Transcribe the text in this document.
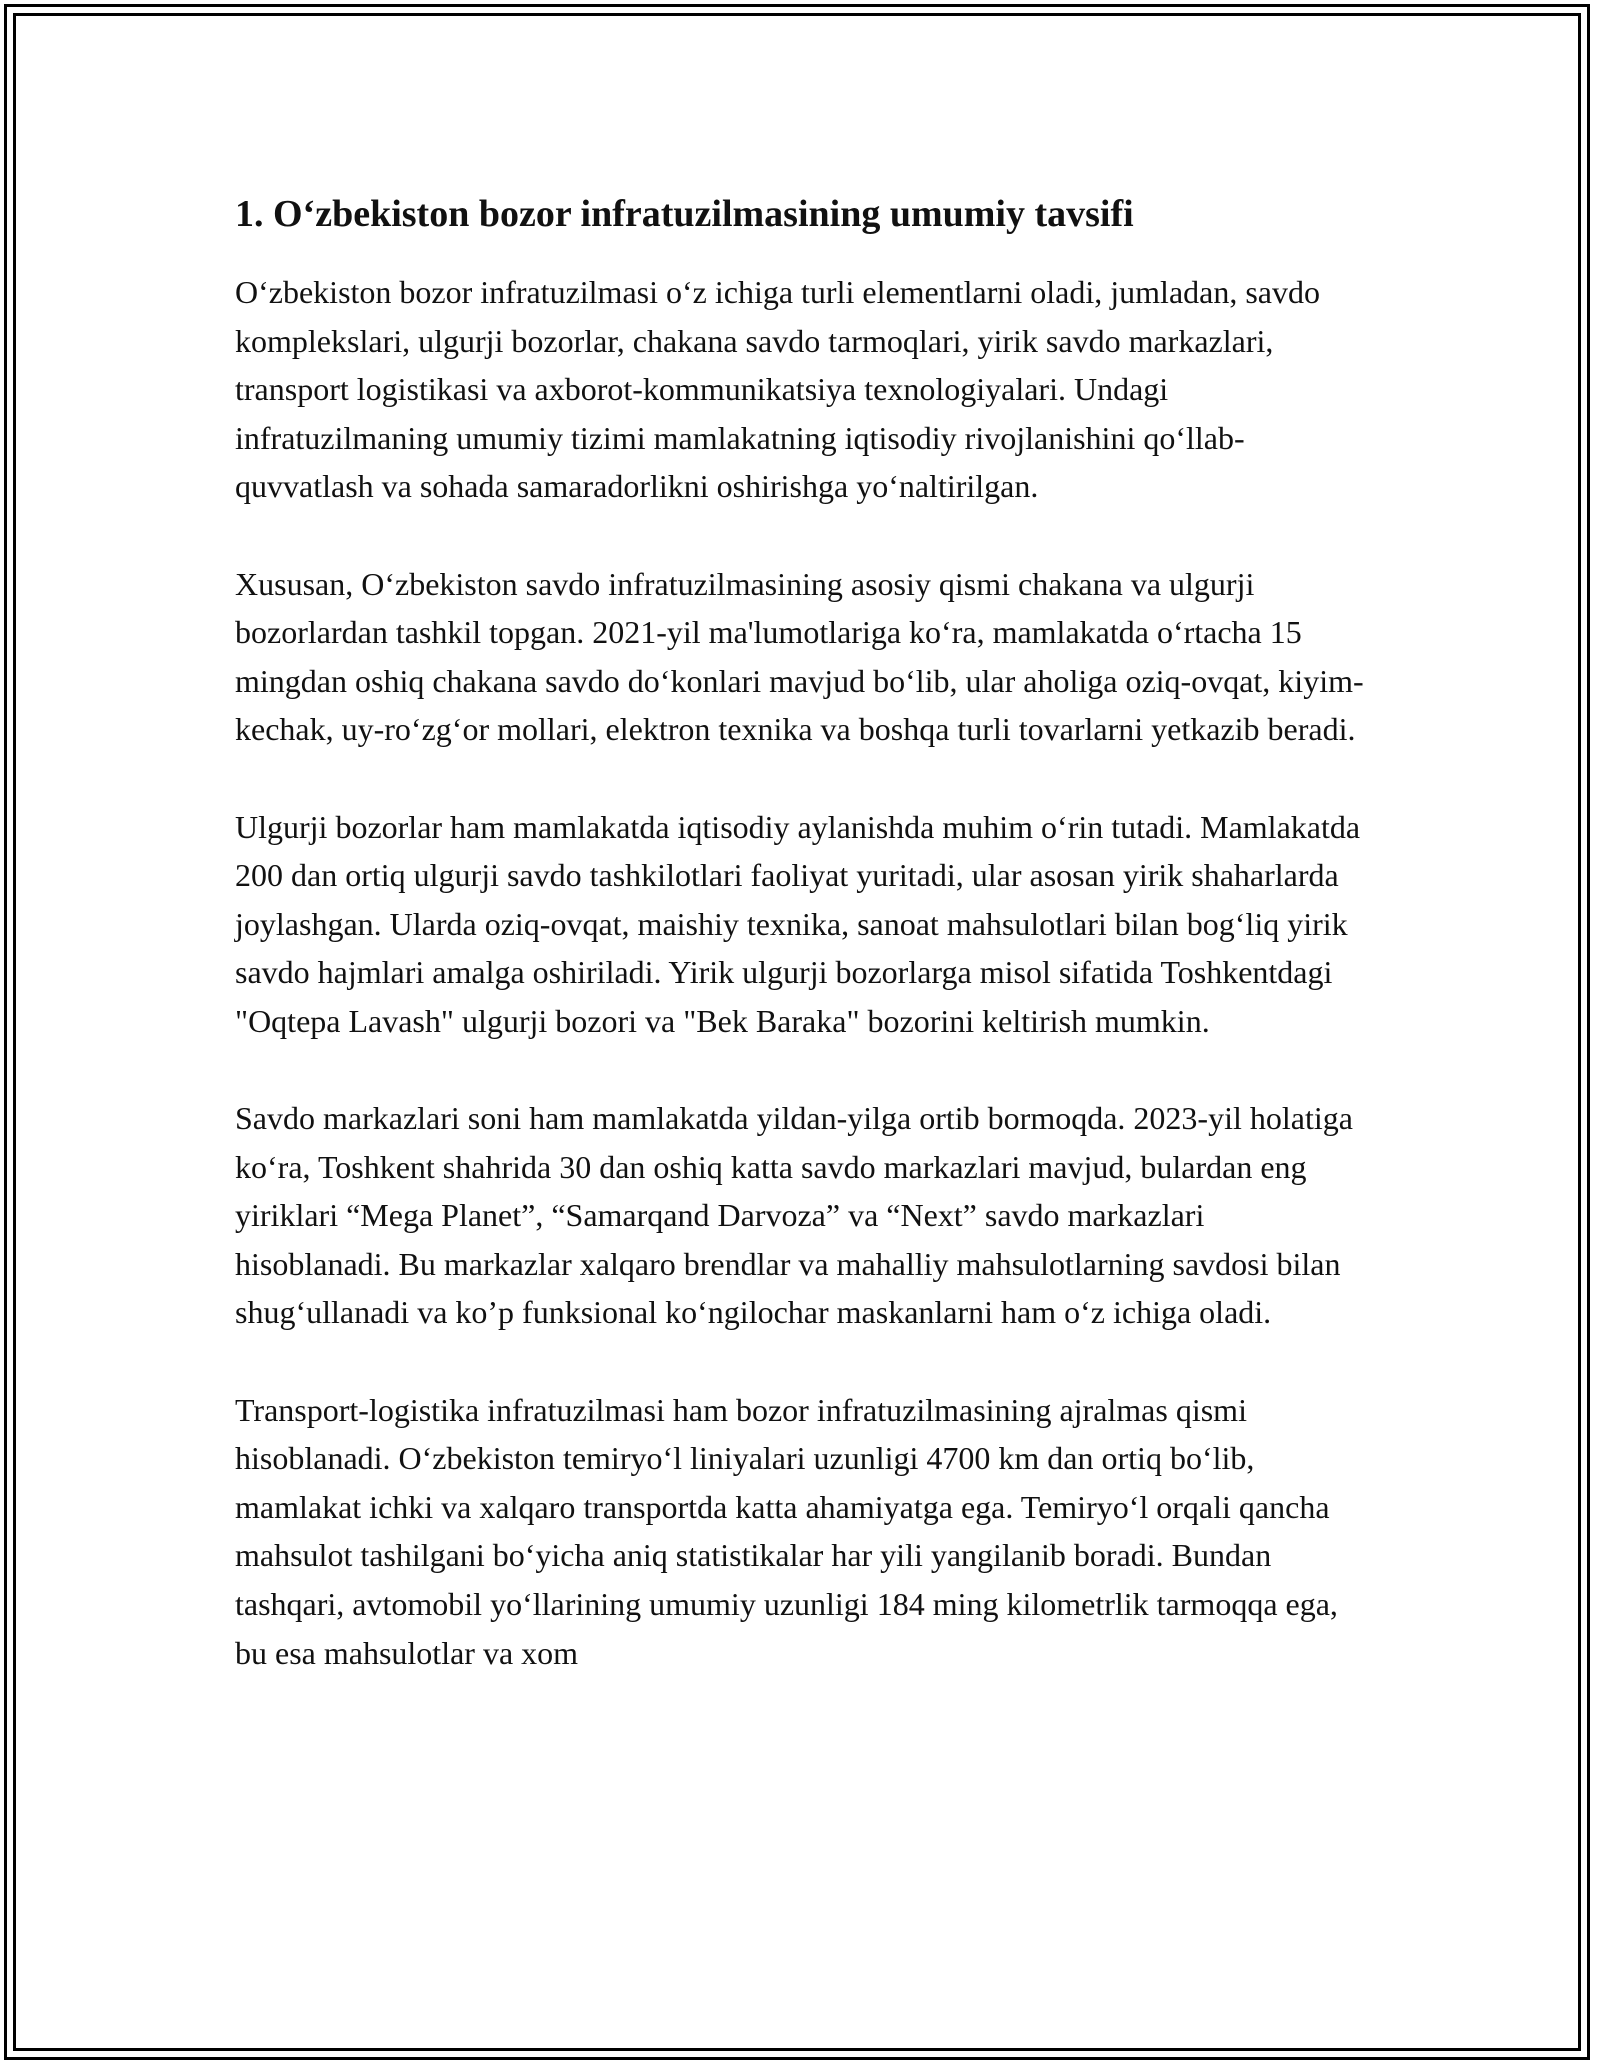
1. O‘zbekiston bozor infratuzilmasining umumiy tavsifi

O‘zbekiston bozor infratuzilmasi o‘z ichiga turli elementlarni oladi, jumladan, savdo komplekslari, ulgurji bozorlar, chakana savdo tarmoqlari, yirik savdo markazlari, transport logistikasi va axborot-kommunikatsiya texnologiyalari. Undagi infratuzilmaning umumiy tizimi mamlakatning iqtisodiy rivojlanishini qo‘llab-quvvatlash va sohada samaradorlikni oshirishga yo‘naltirilgan.

Xususan, O‘zbekiston savdo infratuzilmasining asosiy qismi chakana va ulgurji bozorlardan tashkil topgan. 2021-yil ma'lumotlariga ko‘ra, mamlakatda o‘rtacha 15 mingdan oshiq chakana savdo do‘konlari mavjud bo‘lib, ular aholiga oziq-ovqat, kiyim-kechak, uy-ro‘zg‘or mollari, elektron texnika va boshqa turli tovarlarni yetkazib beradi.

Ulgurji bozorlar ham mamlakatda iqtisodiy aylanishda muhim o‘rin tutadi. Mamlakatda 200 dan ortiq ulgurji savdo tashkilotlari faoliyat yuritadi, ular asosan yirik shaharlarda joylashgan. Ularda oziq-ovqat, maishiy texnika, sanoat mahsulotlari bilan bog‘liq yirik savdo hajmlari amalga oshiriladi. Yirik ulgurji bozorlarga misol sifatida Toshkentdagi "Oqtepa Lavash" ulgurji bozori va "Bek Baraka" bozorini keltirish mumkin.

Savdo markazlari soni ham mamlakatda yildan-yilga ortib bormoqda. 2023-yil holatiga ko‘ra, Toshkent shahrida 30 dan oshiq katta savdo markazlari mavjud, bulardan eng yiriklari “Mega Planet”, “Samarqand Darvoza” va “Next” savdo markazlari hisoblanadi. Bu markazlar xalqaro brendlar va mahalliy mahsulotlarning savdosi bilan shug‘ullanadi va ko’p funksional ko‘ngilochar maskanlarni ham o‘z ichiga oladi.

Transport-logistika infratuzilmasi ham bozor infratuzilmasining ajralmas qismi hisoblanadi. O‘zbekiston temiryo‘l liniyalari uzunligi 4700 km dan ortiq bo‘lib, mamlakat ichki va xalqaro transportda katta ahamiyatga ega. Temiryo‘l orqali qancha mahsulot tashilgani bo‘yicha aniq statistikalar har yili yangilanib boradi. Bundan tashqari, avtomobil yo‘llarining umumiy uzunligi 184 ming kilometrlik tarmoqqa ega, bu esa mahsulotlar va xom
